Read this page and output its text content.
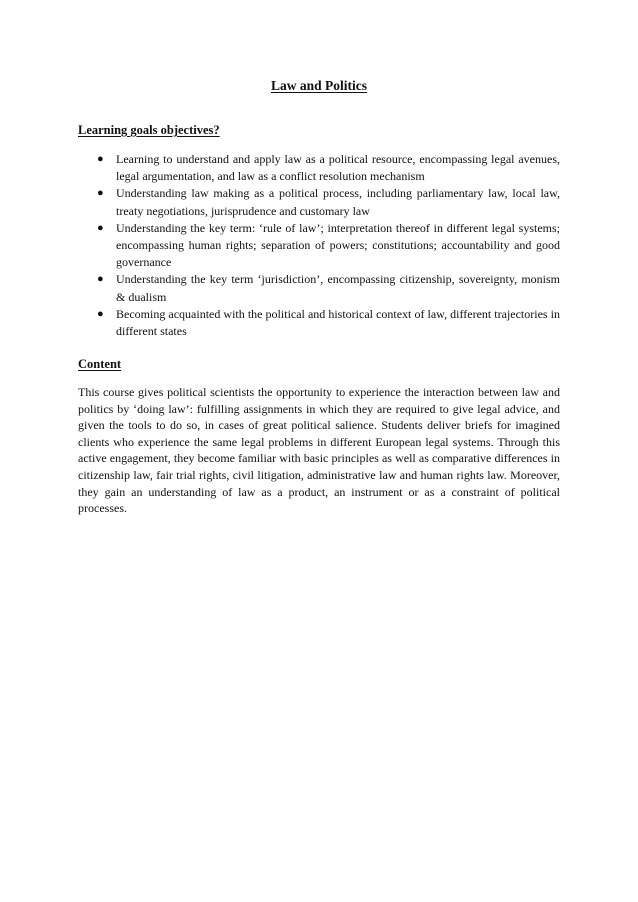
Law and Politics
Learning goals objectives?
● Learning to understand and apply law as a political resource, encompassing legal avenues, legal argumentation, and law as a conflict resolution mechanism
● Understanding law making as a political process, including parliamentary law, local law, treaty negotiations, jurisprudence and customary law
● Understanding the key term: ‘rule of law’; interpretation thereof in different legal systems; encompassing human rights; separation of powers; constitutions; accountability and good governance
● Understanding the key term ‘jurisdiction’, encompassing citizenship, sovereignty, monism & dualism
● Becoming acquainted with the political and historical context of law, different trajectories in different states
Content

This course gives political scientists the opportunity to experience the interaction between law and politics by ‘doing law’: fulfilling assignments in which they are required to give legal advice, and given the tools to do so, in cases of great political salience. Students deliver briefs for imagined clients who experience the same legal problems in different European legal systems. Through this active engagement, they become familiar with basic principles as well as comparative differences in citizenship law, fair trial rights, civil litigation, administrative law and human rights law. Moreover, they gain an understanding of law as a product, an instrument or as a constraint of political processes.
